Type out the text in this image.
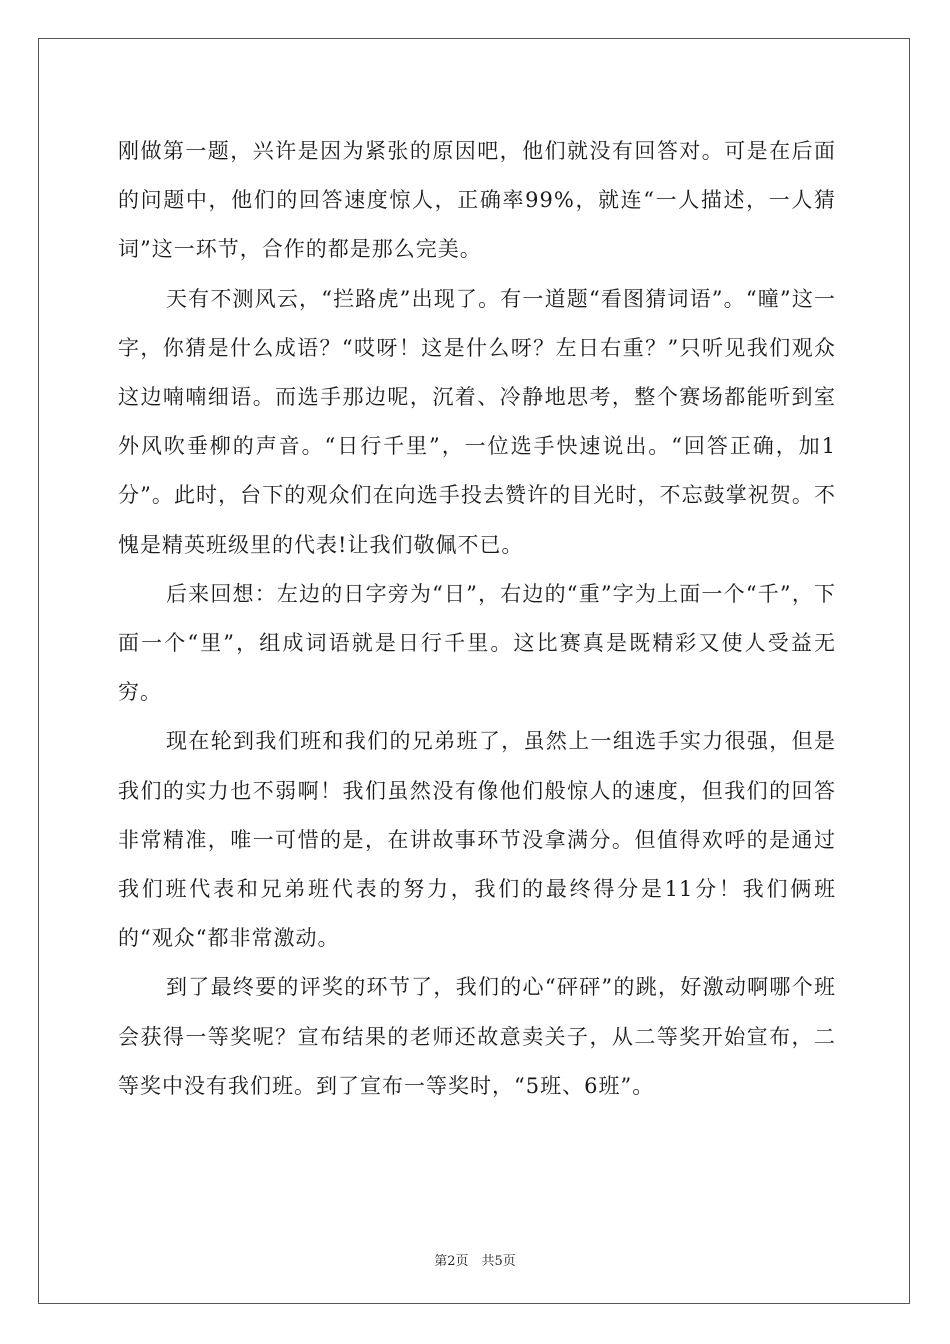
刚做第一题，兴许是因为紧张的原因吧，他们就没有回答对。可是在后面的问题中，他们的回答速度惊人，正确率99%，就连“一人描述，一人猜词”这一环节，合作的都是那么完美。

天有不测风云，“拦路虎”出现了。有一道题“看图猜词语”。“曈”这一字，你猜是什么成语？“哎呀！这是什么呀？左日右重？”只听见我们观众这边喃喃细语。而选手那边呢，沉着、冷静地思考，整个赛场都能听到室外风吹垂柳的声音。“日行千里”，一位选手快速说出。“回答正确，加1分”。此时，台下的观众们在向选手投去赞许的目光时，不忘鼓掌祝贺。不愧是精英班级里的代表!让我们敬佩不已。

后来回想：左边的日字旁为“日”，右边的“重”字为上面一个“千”，下面一个“里”，组成词语就是日行千里。这比赛真是既精彩又使人受益无穷。

现在轮到我们班和我们的兄弟班了，虽然上一组选手实力很强，但是我们的实力也不弱啊！我们虽然没有像他们般惊人的速度，但我们的回答非常精准，唯一可惜的是，在讲故事环节没拿满分。但值得欢呼的是通过我们班代表和兄弟班代表的努力，我们的最终得分是11分！我们俩班的“观众“都非常激动。

到了最终要的评奖的环节了，我们的心“砰砰”的跳，好激动啊哪个班会获得一等奖呢？宣布结果的老师还故意卖关子，从二等奖开始宣布，二等奖中没有我们班。到了宣布一等奖时，“5班、6班”。

第2页　共5页
